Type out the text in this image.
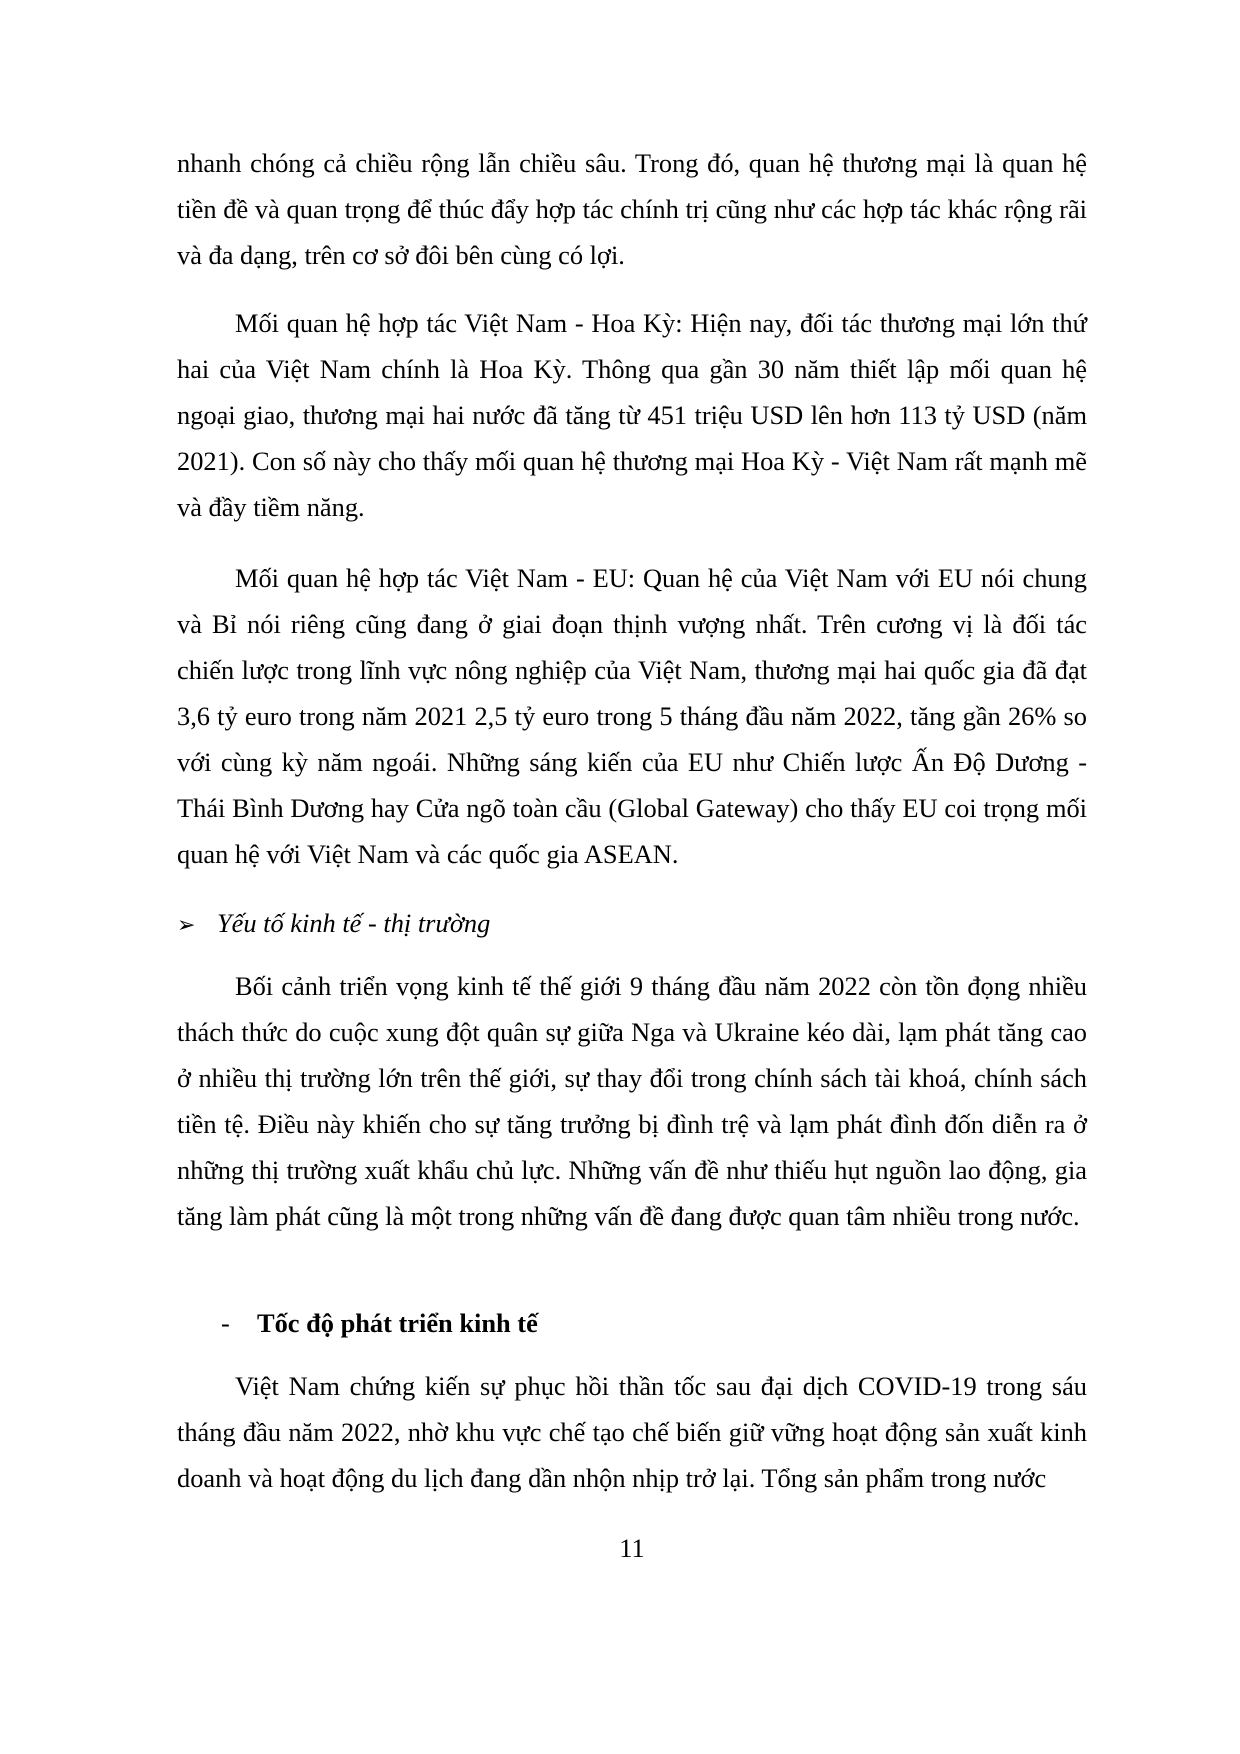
nhanh chóng cả chiều rộng lẫn chiều sâu. Trong đó, quan hệ thương mại là quan hệ tiền đề và quan trọng để thúc đẩy hợp tác chính trị cũng như các hợp tác khác rộng rãi và đa dạng, trên cơ sở đôi bên cùng có lợi.

Mối quan hệ hợp tác Việt Nam - Hoa Kỳ: Hiện nay, đối tác thương mại lớn thứ hai của Việt Nam chính là Hoa Kỳ. Thông qua gần 30 năm thiết lập mối quan hệ ngoại giao, thương mại hai nước đã tăng từ 451 triệu USD lên hơn 113 tỷ USD (năm 2021). Con số này cho thấy mối quan hệ thương mại Hoa Kỳ - Việt Nam rất mạnh mẽ và đầy tiềm năng.

Mối quan hệ hợp tác Việt Nam - EU: Quan hệ của Việt Nam với EU nói chung và Bỉ nói riêng cũng đang ở giai đoạn thịnh vượng nhất. Trên cương vị là đối tác chiến lược trong lĩnh vực nông nghiệp của Việt Nam, thương mại hai quốc gia đã đạt 3,6 tỷ euro trong năm 2021 2,5 tỷ euro trong 5 tháng đầu năm 2022, tăng gần 26% so với cùng kỳ năm ngoái. Những sáng kiến của EU như Chiến lược Ấn Độ Dương - Thái Bình Dương hay Cửa ngõ toàn cầu (Global Gateway) cho thấy EU coi trọng mối quan hệ với Việt Nam và các quốc gia ASEAN.

➢ Yếu tố kinh tế - thị trường

Bối cảnh triển vọng kinh tế thế giới 9 tháng đầu năm 2022 còn tồn đọng nhiều thách thức do cuộc xung đột quân sự giữa Nga và Ukraine kéo dài, lạm phát tăng cao ở nhiều thị trường lớn trên thế giới, sự thay đổi trong chính sách tài khoá, chính sách tiền tệ. Điều này khiến cho sự tăng trưởng bị đình trệ và lạm phát đình đốn diễn ra ở những thị trường xuất khẩu chủ lực. Những vấn đề như thiếu hụt nguồn lao động, gia tăng làm phát cũng là một trong những vấn đề đang được quan tâm nhiều trong nước.

- Tốc độ phát triển kinh tế

Việt Nam chứng kiến sự phục hồi thần tốc sau đại dịch COVID-19 trong sáu tháng đầu năm 2022, nhờ khu vực chế tạo chế biến giữ vững hoạt động sản xuất kinh doanh và hoạt động du lịch đang dần nhộn nhịp trở lại. Tổng sản phẩm trong nước

11
